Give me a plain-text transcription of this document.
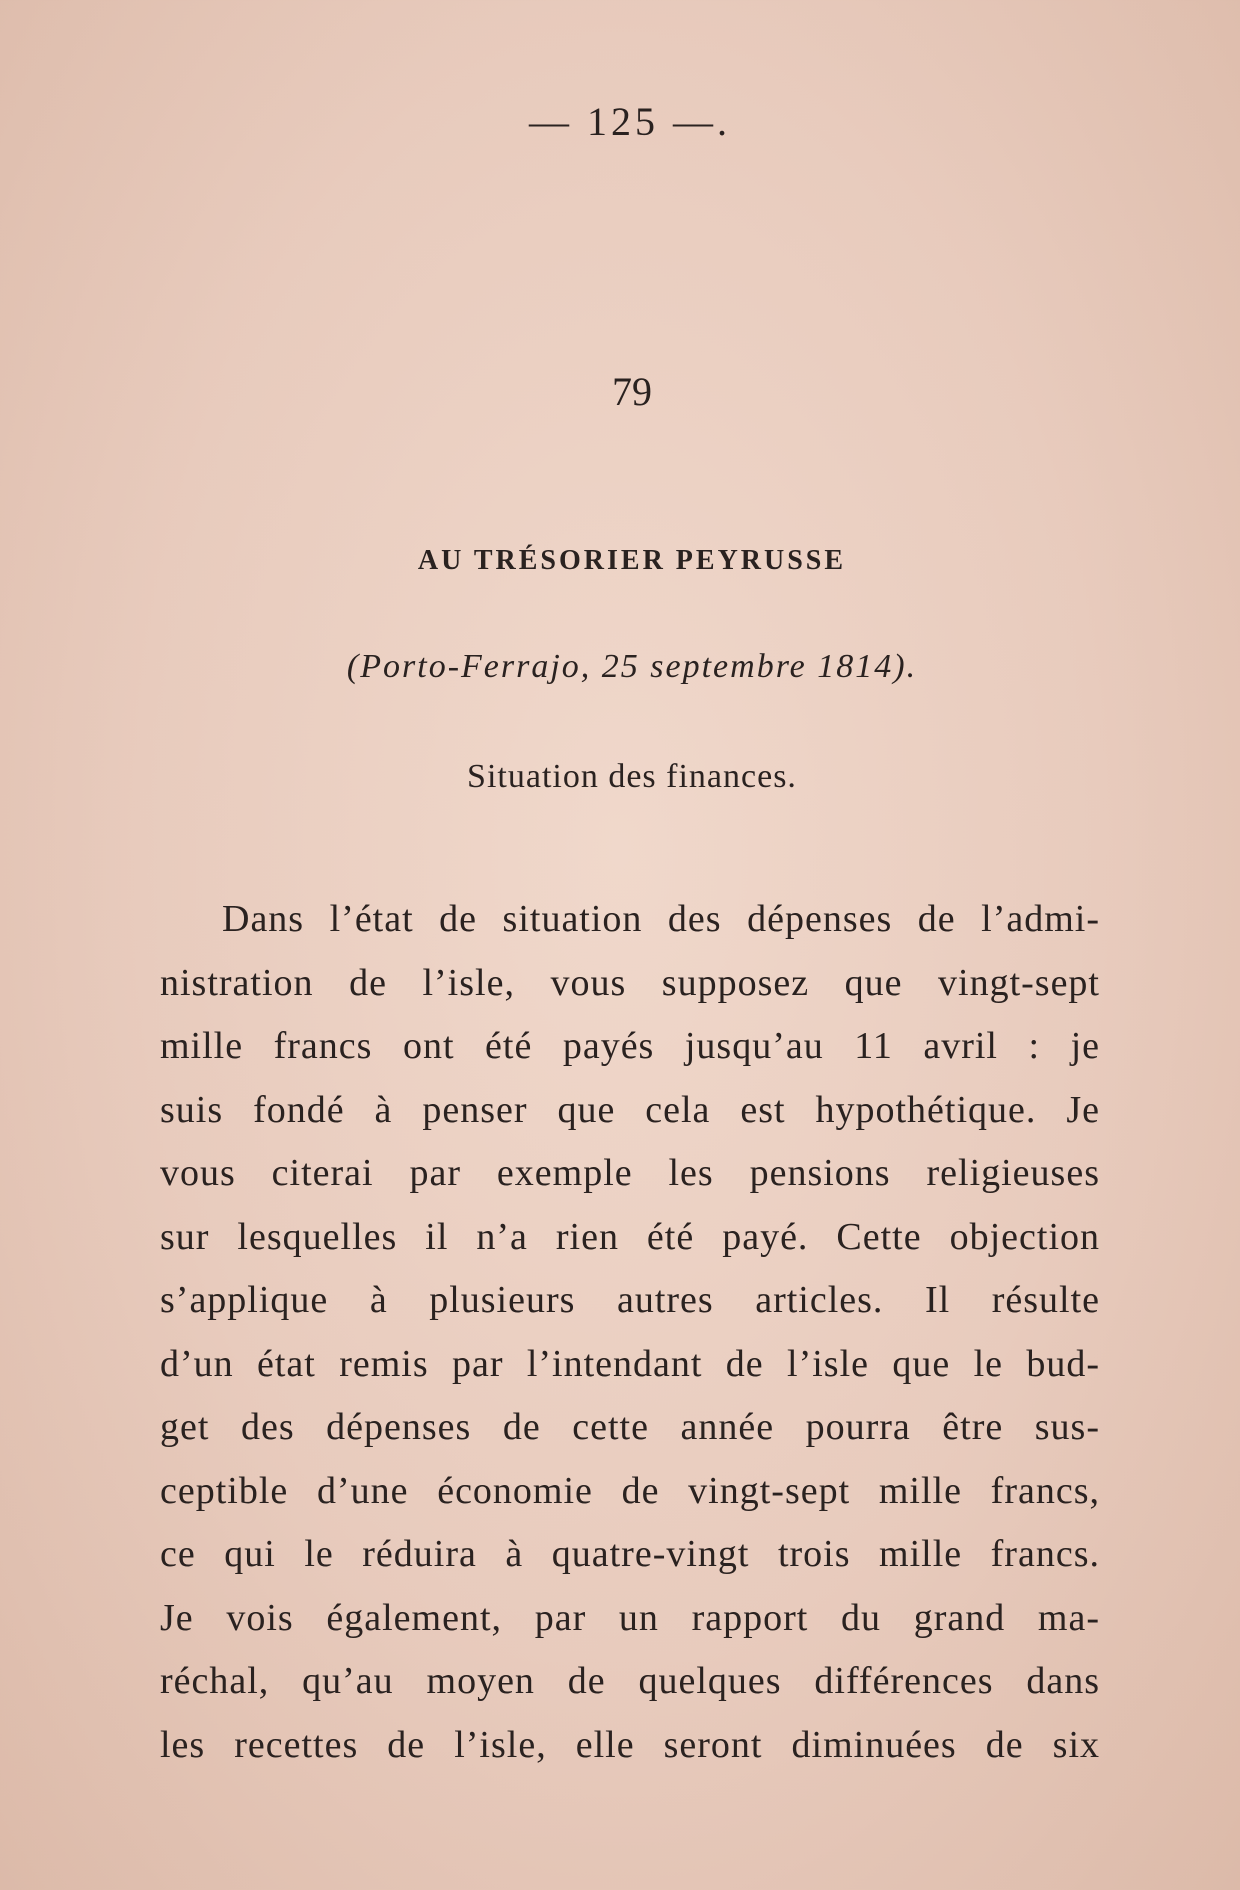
— 125 —.
79
AU TRÉSORIER PEYRUSSE
(Porto-Ferrajo, 25 septembre 1814).
Situation des finances.
Dans l’état de situation des dépenses de l’admi-
nistration de l’isle, vous supposez que vingt-sept
mille francs ont été payés jusqu’au 11 avril : je
suis fondé à penser que cela est hypothétique. Je
vous citerai par exemple les pensions religieuses
sur lesquelles il n’a rien été payé. Cette objection
s’applique à plusieurs autres articles. Il résulte
d’un état remis par l’intendant de l’isle que le bud-
get des dépenses de cette année pourra être sus-
ceptible d’une économie de vingt-sept mille francs,
ce qui le réduira à quatre-vingt trois mille francs.
Je vois également, par un rapport du grand ma-
réchal, qu’au moyen de quelques différences dans
les recettes de l’isle, elle seront diminuées de six
